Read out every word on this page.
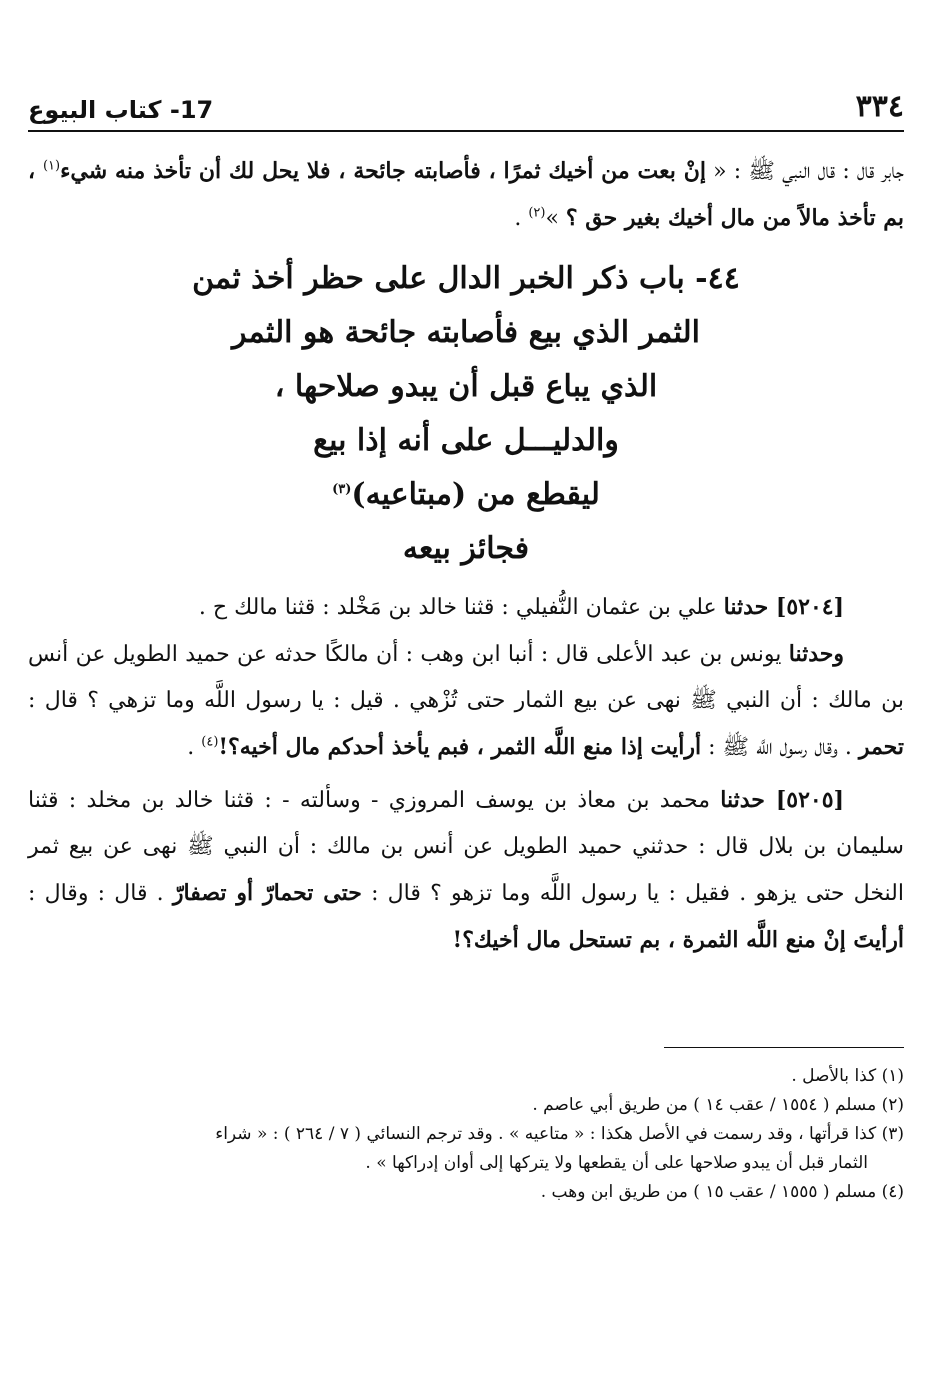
٣٣٤
17- كتاب البيوع

جابر قال : قال النبي ﷺ : « إنْ بعت من أخيك ثمرًا ، فأصابته جائحة ، فلا يحل لك أن تأخذ منه شيء$^{(١)}$ ، بم تأخذ مالاً من مال أخيك بغير حق ؟ »$^{(٢)}$ .

٤٤- باب ذكر الخبر الدال على حظر أخذ ثمن
الثمر الذي بيع فأصابته جائحة هو الثمر
الذي يباع قبل أن يبدو صلاحها ،
والدليـــل على أنه إذا بيع
ليقطع من (مبتاعيه)$^{(٣)}$
فجائز بيعه

[٥٢٠٤] حدثنا علي بن عثمان النُّفيلي : قثنا خالد بن مَخْلد : قثنا مالك ح .

وحدثنا يونس بن عبد الأعلى قال : أنبا ابن وهب : أن مالكًا حدثه عن حميد الطويل عن أنس بن مالك : أن النبي ﷺ نهى عن بيع الثمار حتى تُزْهي . قيل : يا رسول اللَّه وما تزهي ؟ قال : تحمر . وقال رسول اللَّه ﷺ : أرأيت إذا منع اللَّه الثمر ، فبم يأخذ أحدكم مال أخيه؟!$^{(٤)}$ .

[٥٢٠٥] حدثنا محمد بن معاذ بن يوسف المروزي - وسألته - : قثنا خالد بن مخلد : قثنا سليمان بن بلال قال : حدثني حميد الطويل عن أنس بن مالك : أن النبي ﷺ نهى عن بيع ثمر النخل حتى يزهو . فقيل : يا رسول اللَّه وما تزهو ؟ قال : حتى تحمارّ أو تصفارّ . قال : وقال : أرأيتَ إنْ منع اللَّه الثمرة ، بم تستحل مال أخيك؟!

(١) كذا بالأصل .

(٢) مسلم ( ١٥٥٤ / عقب ١٤ ) من طريق أبي عاصم .

(٣) كذا قرأتها ، وقد رسمت في الأصل هكذا : « متاعيه » . وقد ترجم النسائي ( ٧ / ٢٦٤ ) : « شراء

الثمار قبل أن يبدو صلاحها على أن يقطعها ولا يتركها إلى أوان إدراكها » .

(٤) مسلم ( ١٥٥٥ / عقب ١٥ ) من طريق ابن وهب .
